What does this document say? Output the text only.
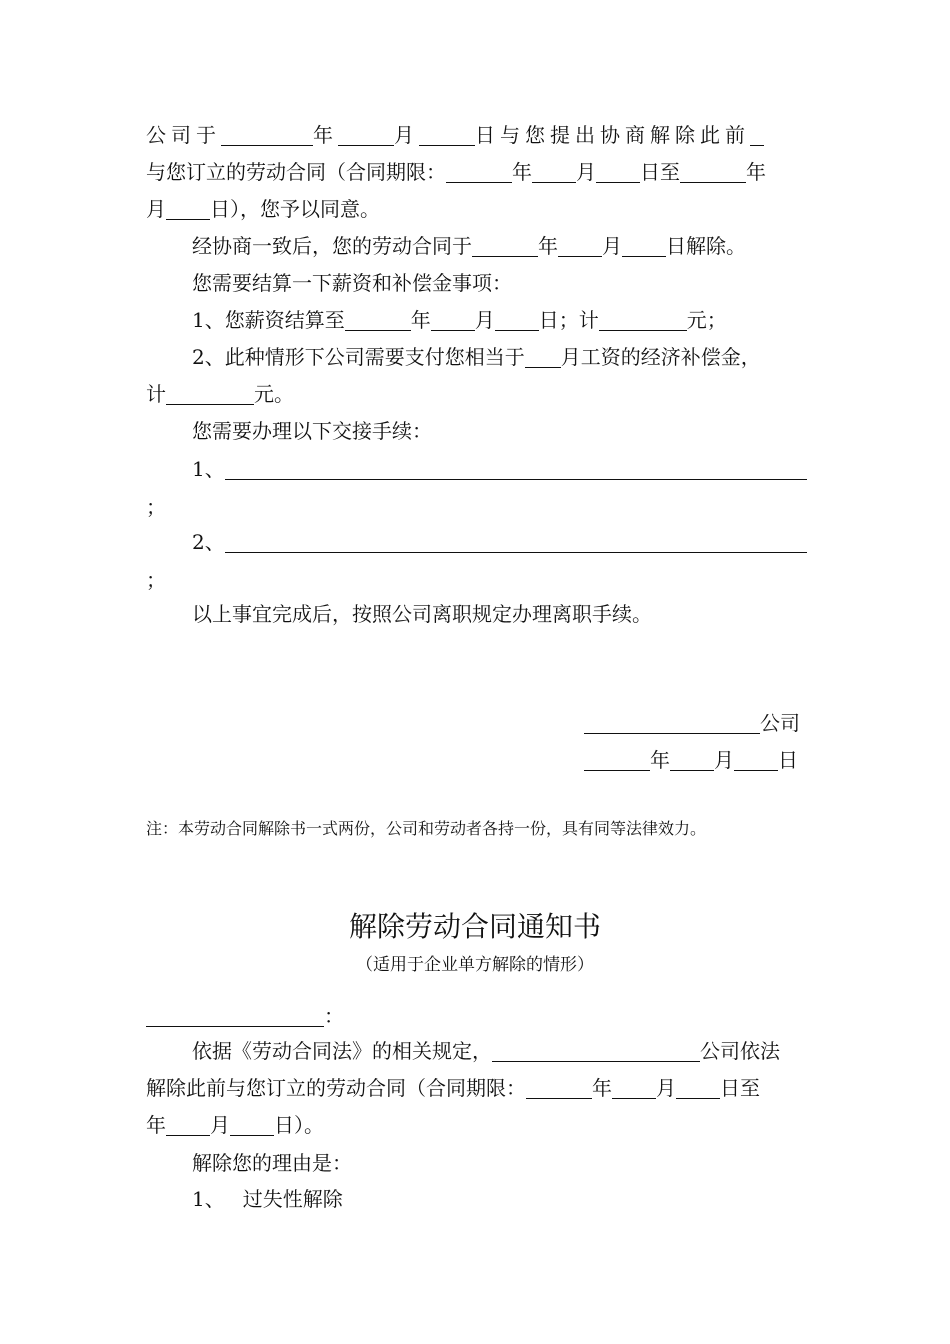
公司于	年	月	日与您提出协商解除此前
与您订立的劳动合同（合同期限：	年 月 日至	年
月 日），您予以同意。
经协商一致后，您的劳动合同于	年 月 日解除。
您需要结算一下薪资和补偿金事项：
1、您薪资结算至	年 月 日；计	元；
2、此种情形下公司需要支付您相当于 月工资的经济补偿金，
计	元。
您需要办理以下交接手续：
1、
；
2、
；
以上事宜完成后，按照公司离职规定办理离职手续。
公司
年 月 日
注：本劳动合同解除书一式两份，公司和劳动者各持一份，具有同等法律效力。
解除劳动合同通知书
（适用于企业单方解除的情形）
：
依据《劳动合同法》的相关规定，	公司依法
解除此前与您订立的劳动合同（合同期限：	年 月 日至
年 月 日）。
解除您的理由是：
1、 过失性解除
